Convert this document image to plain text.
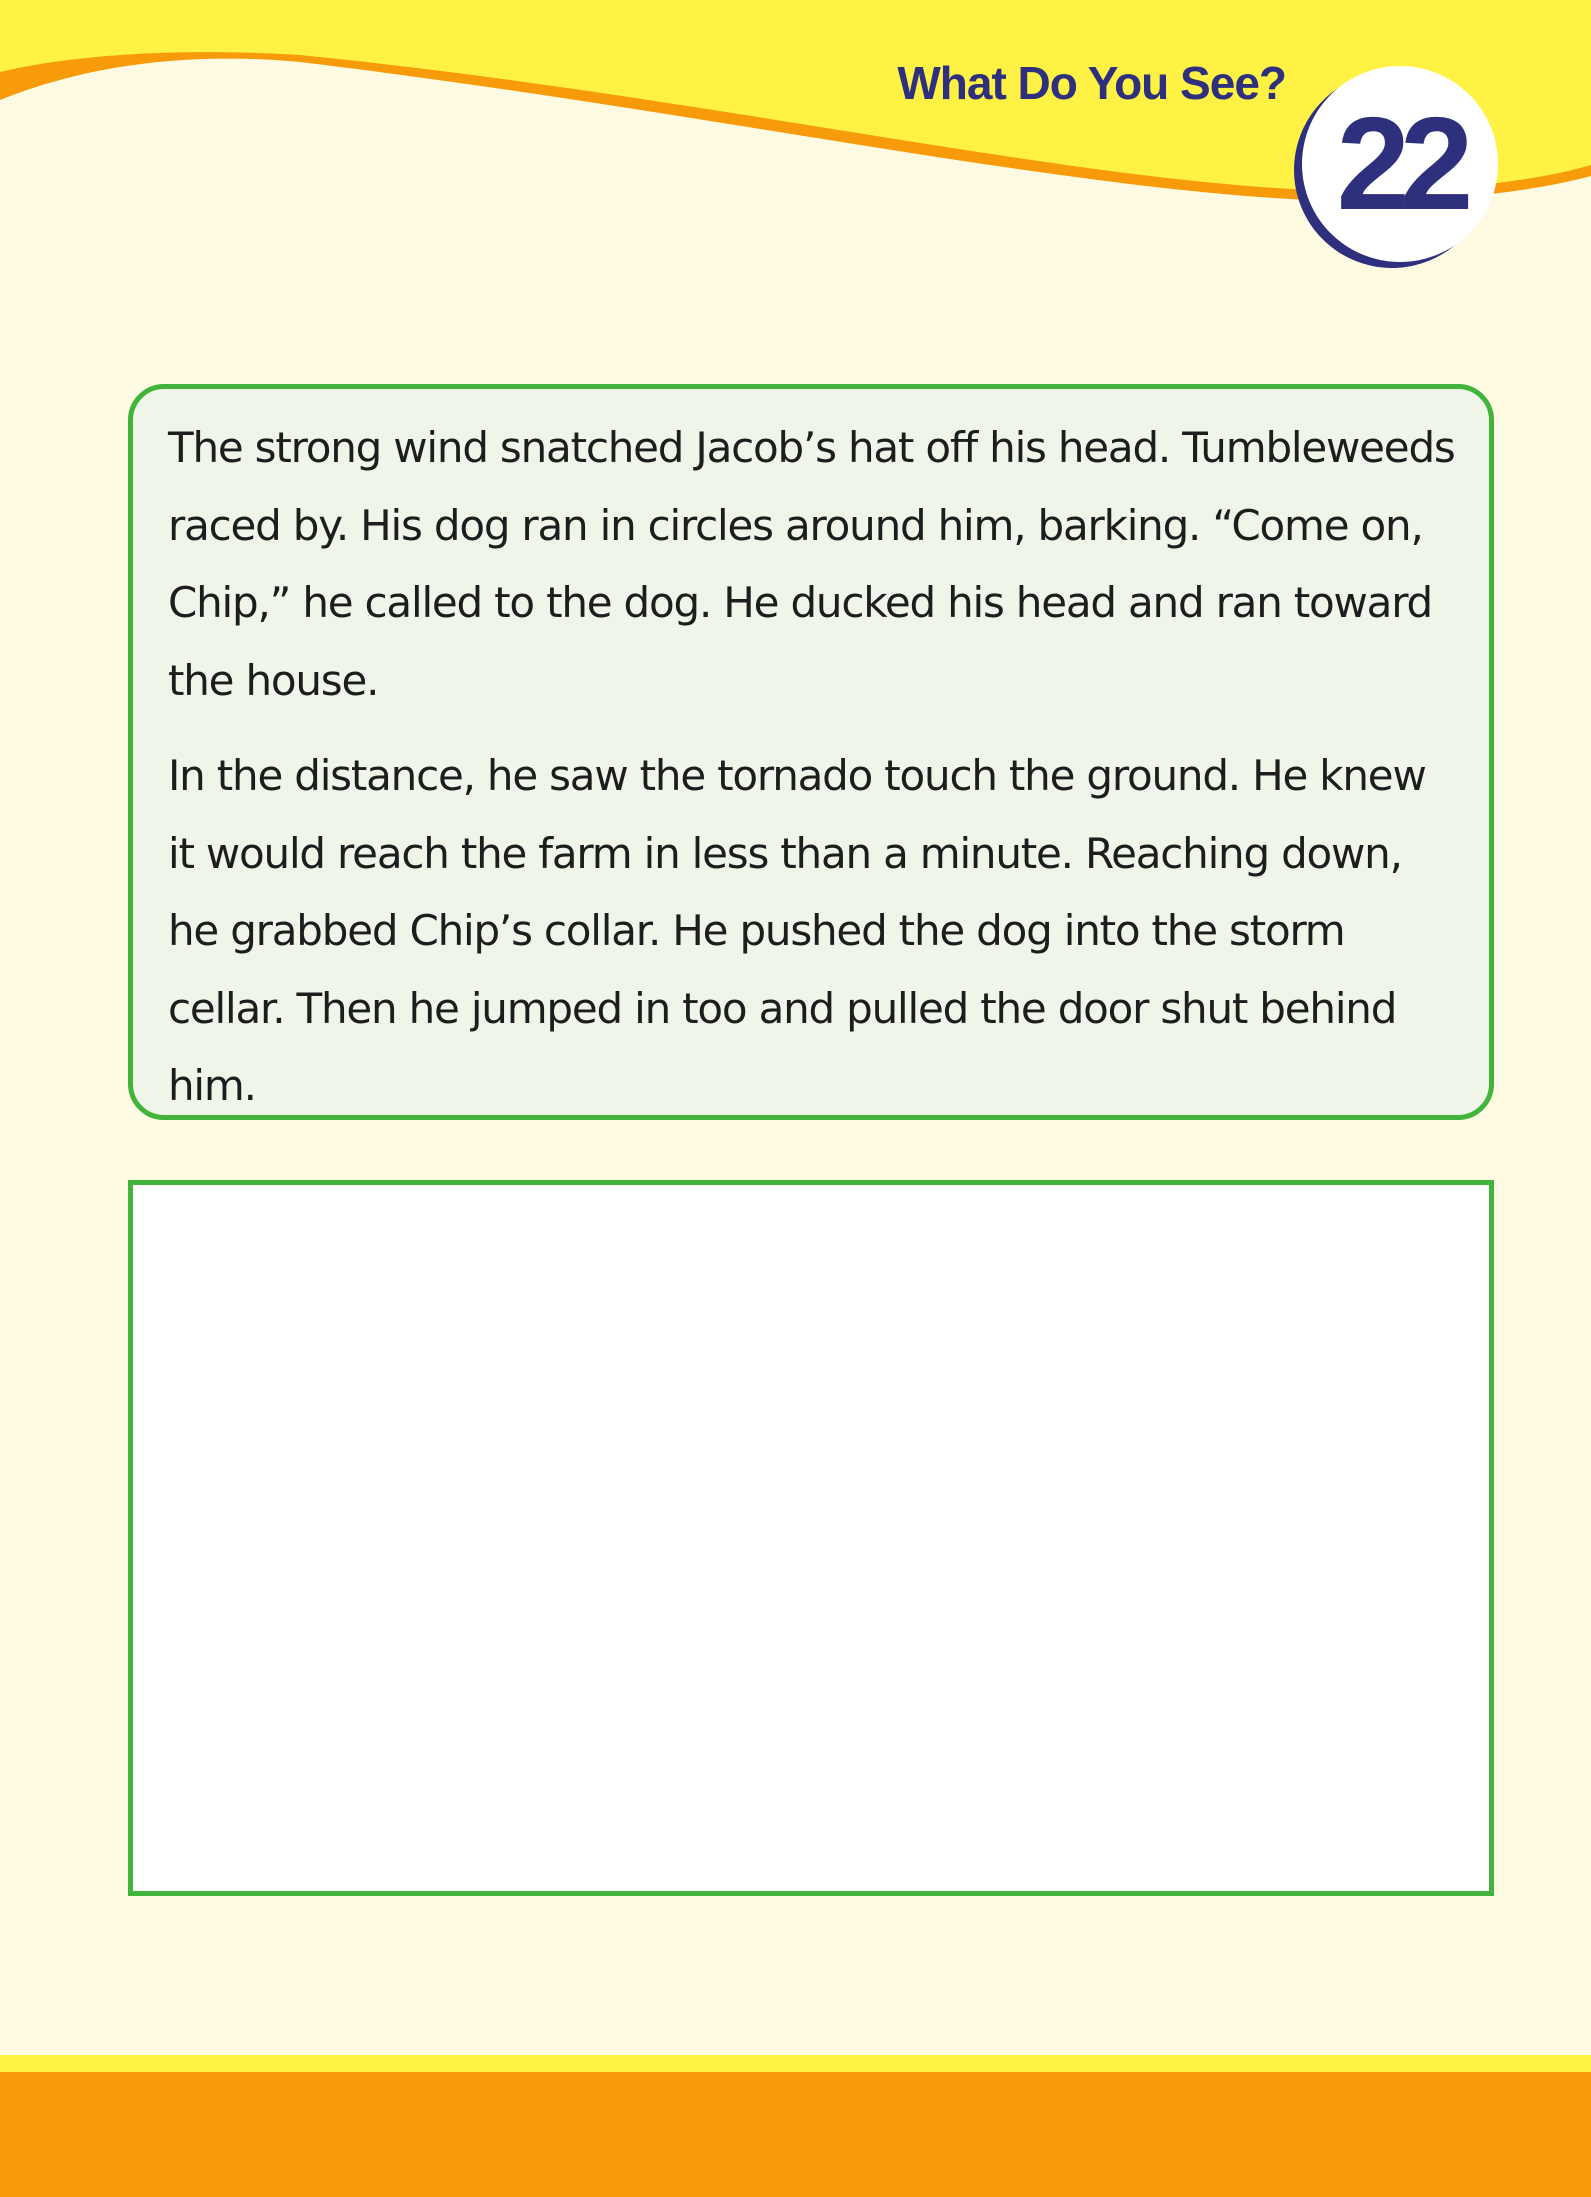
What Do You See?
22

The strong wind snatched Jacob’s hat off his head. Tumbleweeds raced by. His dog ran in circles around him, barking. “Come on, Chip,” he called to the dog. He ducked his head and ran toward the house.

In the distance, he saw the tornado touch the ground. He knew it would reach the farm in less than a minute. Reaching down, he grabbed Chip’s collar. He pushed the dog into the storm cellar. Then he jumped in too and pulled the door shut behind him.
